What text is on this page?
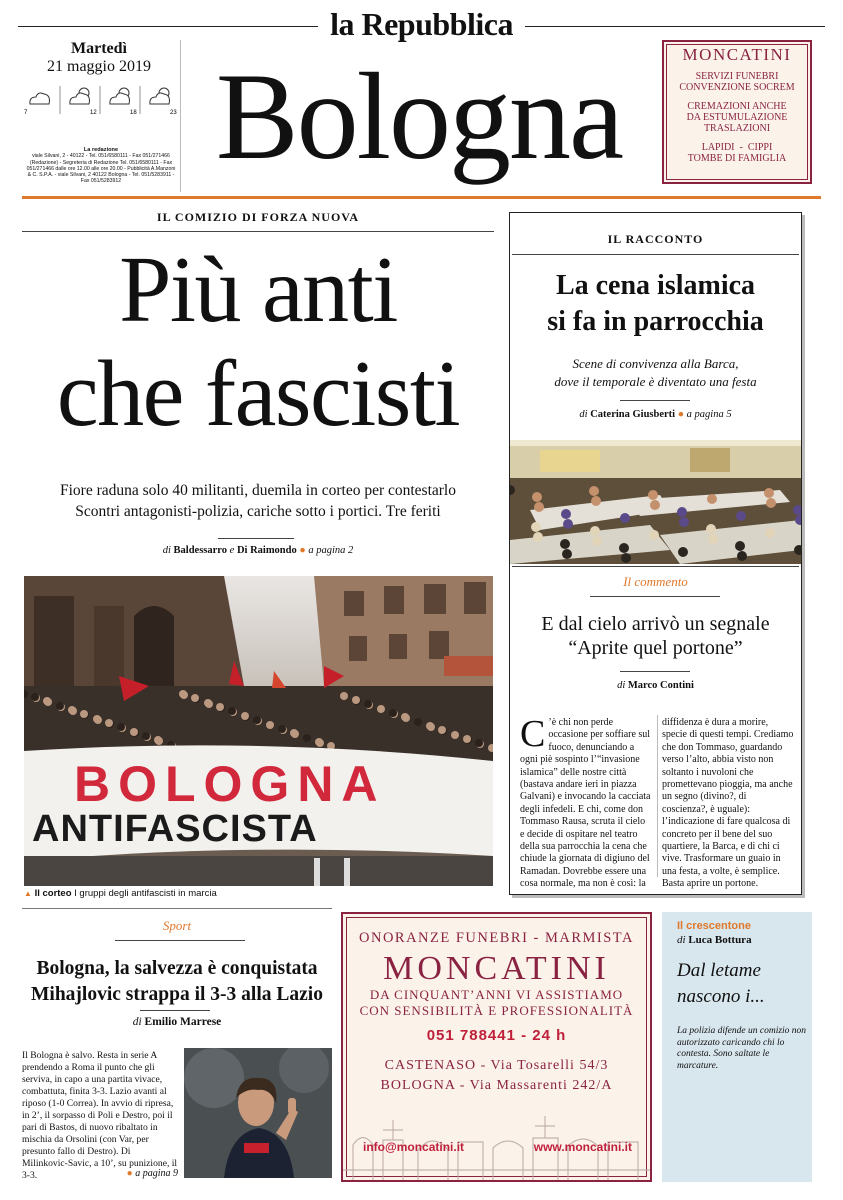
la Repubblica
Martedì
21 maggio 2019
7	12	18	23
La redazione
viale Silvani, 2 - 40122 - Tel. 051/6580111 - Fax 051/271466 (Redazione) - Segreteria di Redazione Tel. 051/6580111 - Fax 051/271466 dalle ore 12.00 alle ore 20.00 - Pubblicità A.Manzoni & C. S.P.A. - viale Silvani, 2 40122 Bologna - Tel. 051/5283911 - Fax 051/5283912 Bologna	MONCATINI
SERVIZI FUNEBRI
CONVENZIONE SOCREM
CREMAZIONI ANCHE
DA ESTUMULAZIONE
TRASLAZIONI
LAPIDI  -  CIPPI
TOMBE DI FAMIGLIA
IL COMIZIO DI FORZA NUOVA
Più anti
che fascisti
Fiore raduna solo 40 militanti, duemila in corteo per contestarlo
Scontri antagonisti-polizia, cariche sotto i portici. Tre feriti
di Baldessarro e Di Raimondo ● a pagina 2
BOLOGNA
ANTIFASCISTA
▲ Il corteo I gruppi degli antifascisti in marcia
IL RACCONTO
La cena islamica
si fa in parrocchia
Scene di convivenza alla Barca,
dove il temporale è diventato una festa
di Caterina Giusberti ● a pagina 5
Il commento
E dal cielo arrivò un segnale
“Aprite quel portone”
di Marco Contini
C ’è chi non perde occasione per soffiare sul fuoco, denunciando a ogni piè sospinto l’“invasione islamica” delle nostre città (bastava andare ieri in piazza Galvani) e invocando la cacciata degli infedeli. E chi, come don Tommaso Rausa, scruta il cielo e decide di ospitare nel teatro della sua parrocchia la cena che chiude la giornata di digiuno del Ramadan. Dovrebbe essere una cosa normale, ma non è così: la
diffidenza è dura a morire, specie di questi tempi. Crediamo che don Tommaso, guardando verso l’alto, abbia visto non soltanto i nuvoloni che promettevano pioggia, ma anche un segno (divino?, di coscienza?, è uguale): l’indicazione di fare qualcosa di concreto per il bene del suo quartiere, la Barca, e di chi ci vive. Trasformare un guaio in una festa, a volte, è semplice. Basta aprire un portone.
Sport
Bologna, la salvezza è conquistata
Mihajlovic strappa il 3-3 alla Lazio
di Emilio Marrese
Il Bologna è salvo. Resta in serie A prendendo a Roma il punto che gli serviva, in capo a una partita vivace, combattuta, finita 3-3. Lazio avanti al riposo (1-0 Correa). In avvio di ripresa, in 2’, il sorpasso di Poli e Destro, poi il pari di Bastos, di nuovo ribaltato in mischia da Orsolini (con Var, per presunto fallo di Destro). Di Milinkovic-Savic, a 10’, su punizione, il 3-3.	● a pagina 9
ONORANZE FUNEBRI - MARMISTA
MONCATINI
DA CINQUANT’ANNI VI ASSISTIAMO
CON SENSIBILITÀ E PROFESSIONALITÀ
051 788441 - 24 h
CASTENASO - Via Tosarelli 54/3
BOLOGNA - Via Massarenti 242/A
info@moncatini.it	www.moncatini.it
Il crescentone
di Luca Bottura
Dal letame nascono i...
La polizia difende un comizio non autorizzato caricando chi lo contesta. Sono saltate le marcature.
